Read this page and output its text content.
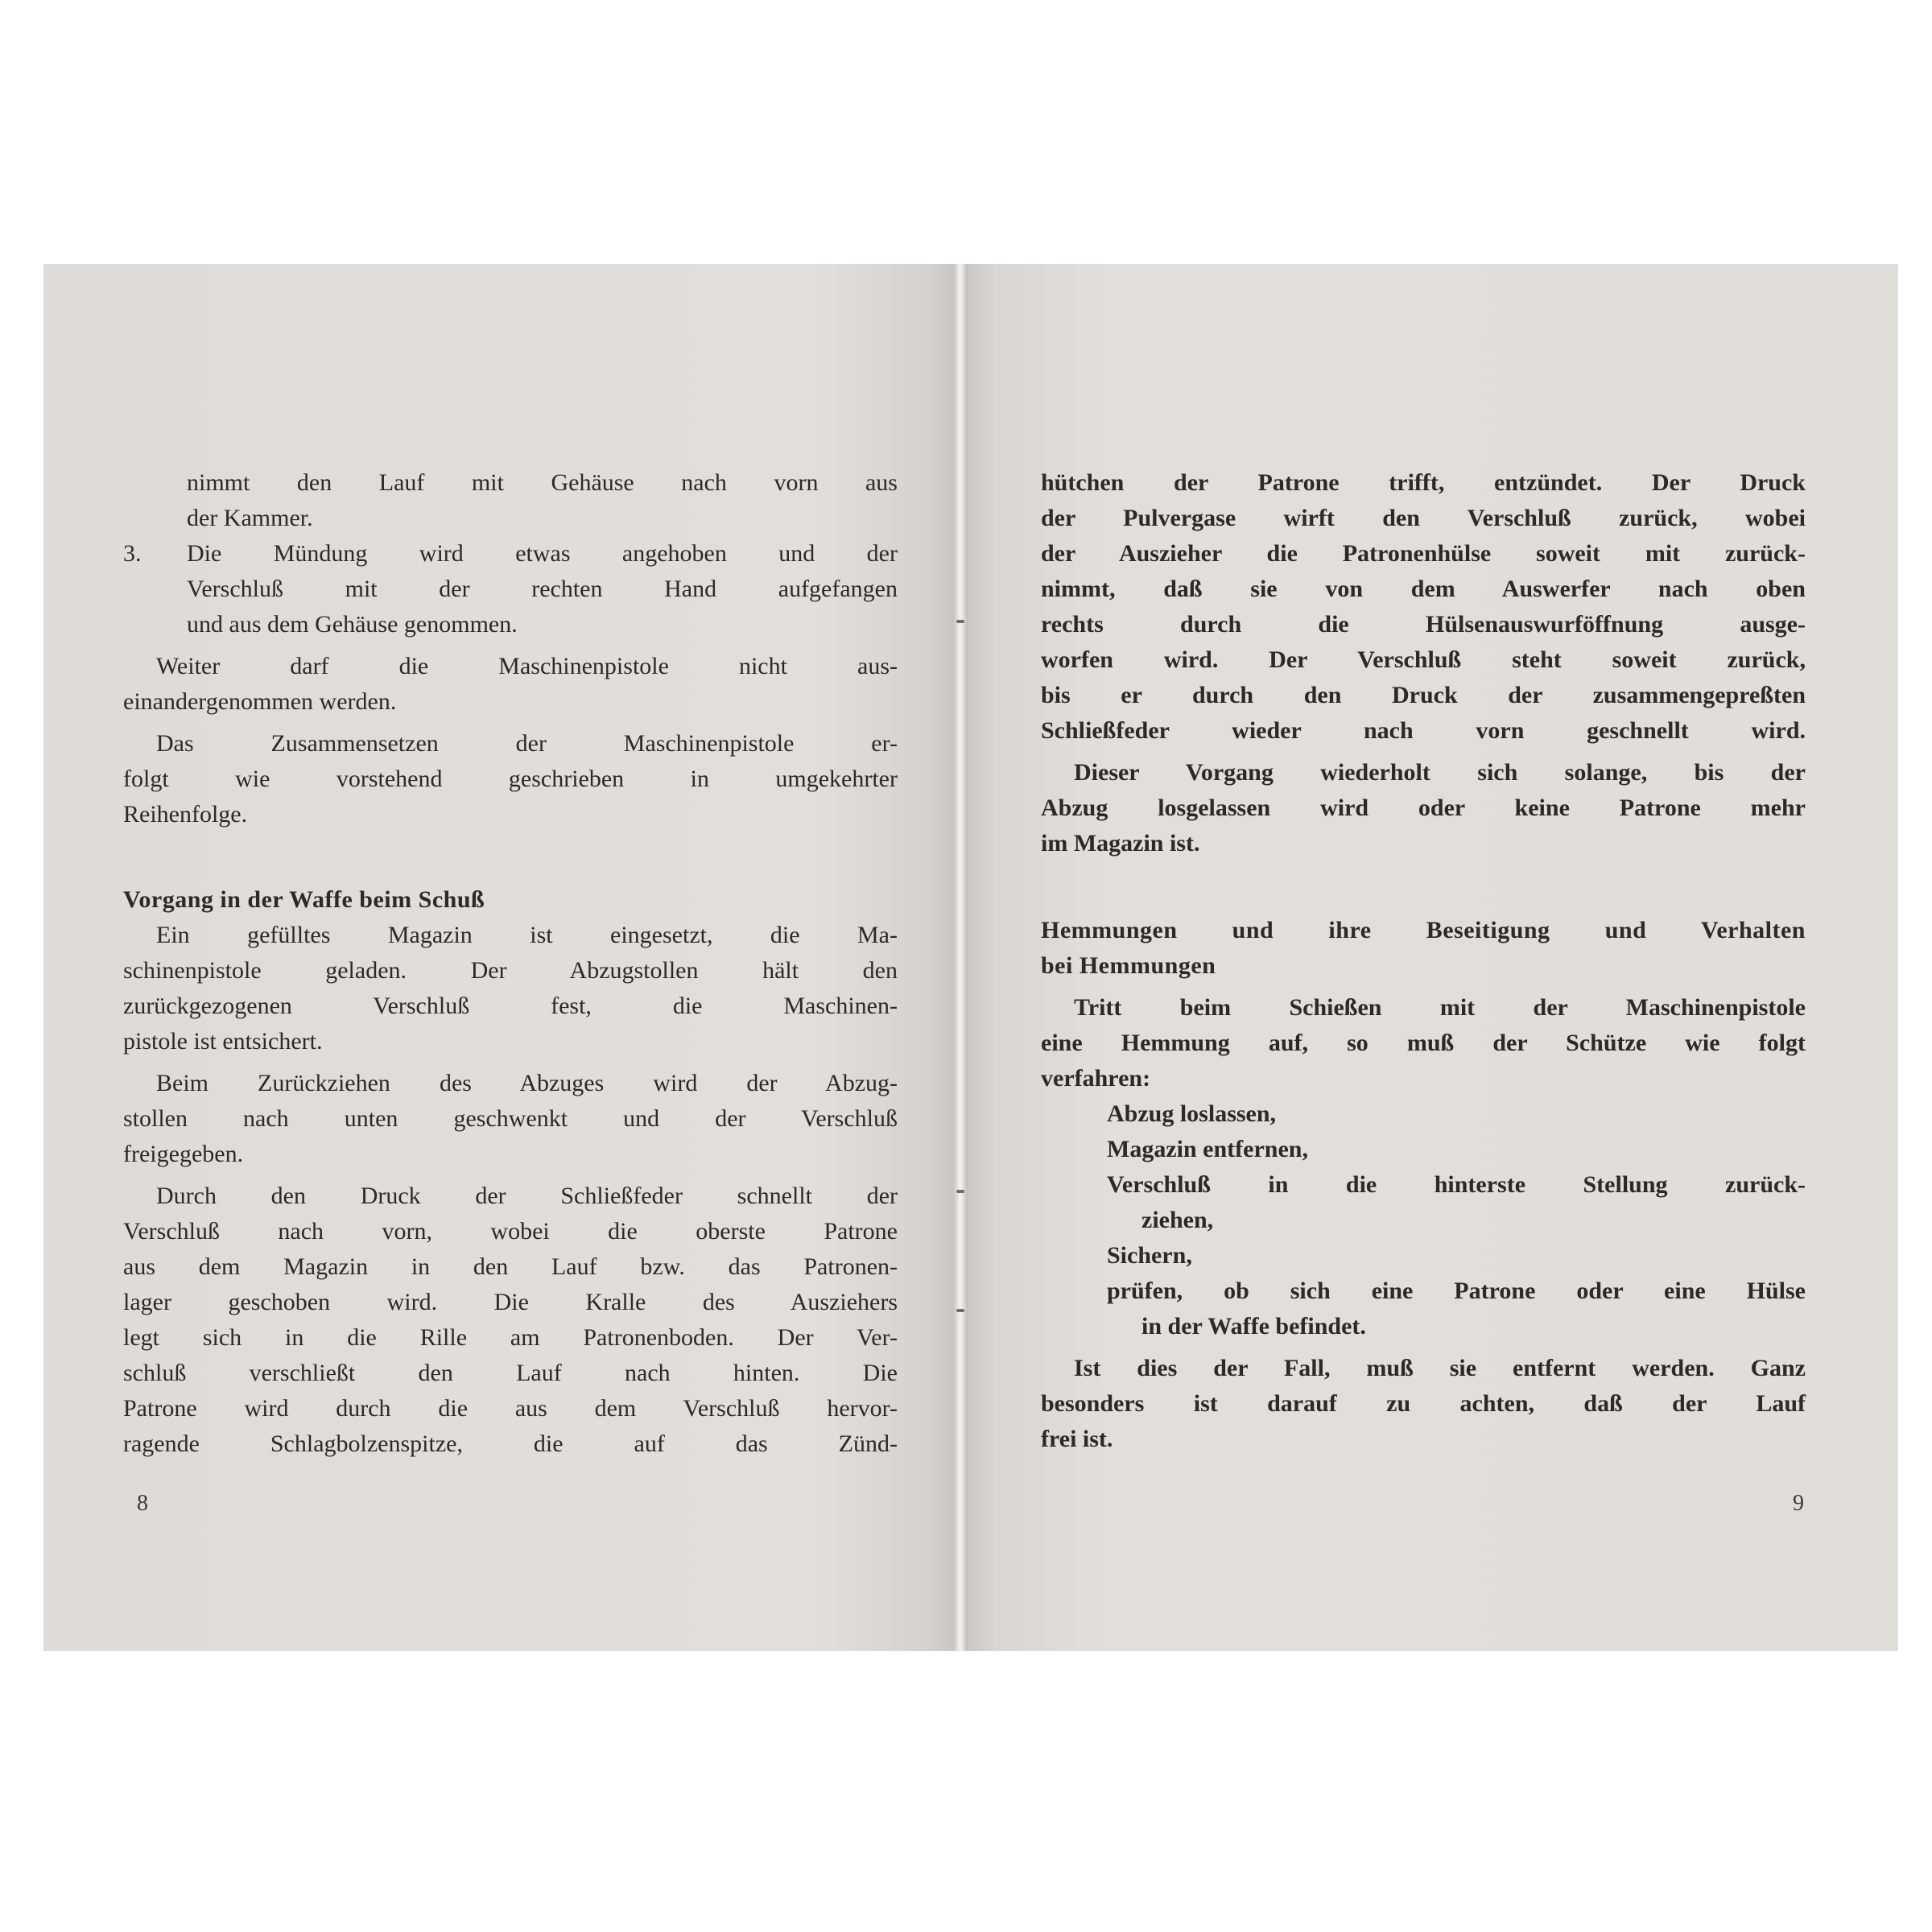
nimmt den Lauf mit Gehäuse nach vorn aus
der Kammer.
3. Die Mündung wird etwas angehoben und der
Verschluß mit der rechten Hand aufgefangen
und aus dem Gehäuse genommen.
Weiter darf die Maschinenpistole nicht aus-
einandergenommen werden.
Das Zusammensetzen der Maschinenpistole er-
folgt wie vorstehend geschrieben in umgekehrter
Reihenfolge.
Vorgang in der Waffe beim Schuß
Ein gefülltes Magazin ist eingesetzt, die Ma-
schinenpistole geladen. Der Abzugstollen hält den
zurückgezogenen Verschluß fest, die Maschinen-
pistole ist entsichert.
Beim Zurückziehen des Abzuges wird der Abzug-
stollen nach unten geschwenkt und der Verschluß
freigegeben.
Durch den Druck der Schließfeder schnellt der
Verschluß nach vorn, wobei die oberste Patrone
aus dem Magazin in den Lauf bzw. das Patronen-
lager geschoben wird. Die Kralle des Ausziehers
legt sich in die Rille am Patronenboden. Der Ver-
schluß verschließt den Lauf nach hinten. Die
Patrone wird durch die aus dem Verschluß hervor-
ragende Schlagbolzenspitze, die auf das Zünd-
8
hütchen der Patrone trifft, entzündet. Der Druck
der Pulvergase wirft den Verschluß zurück, wobei
der Auszieher die Patronenhülse soweit mit zurück-
nimmt, daß sie von dem Auswerfer nach oben
rechts durch die Hülsenauswurföffnung ausge-
worfen wird. Der Verschluß steht soweit zurück,
bis er durch den Druck der zusammengepreßten
Schließfeder wieder nach vorn geschnellt wird.
Dieser Vorgang wiederholt sich solange, bis der
Abzug losgelassen wird oder keine Patrone mehr
im Magazin ist.
Hemmungen und ihre Beseitigung und Verhalten
bei Hemmungen
Tritt beim Schießen mit der Maschinenpistole
eine Hemmung auf, so muß der Schütze wie folgt
verfahren:
Abzug loslassen,
Magazin entfernen,
Verschluß in die hinterste Stellung zurück-
ziehen,
Sichern,
prüfen, ob sich eine Patrone oder eine Hülse
in der Waffe befindet.
Ist dies der Fall, muß sie entfernt werden. Ganz
besonders ist darauf zu achten, daß der Lauf
frei ist.
9
